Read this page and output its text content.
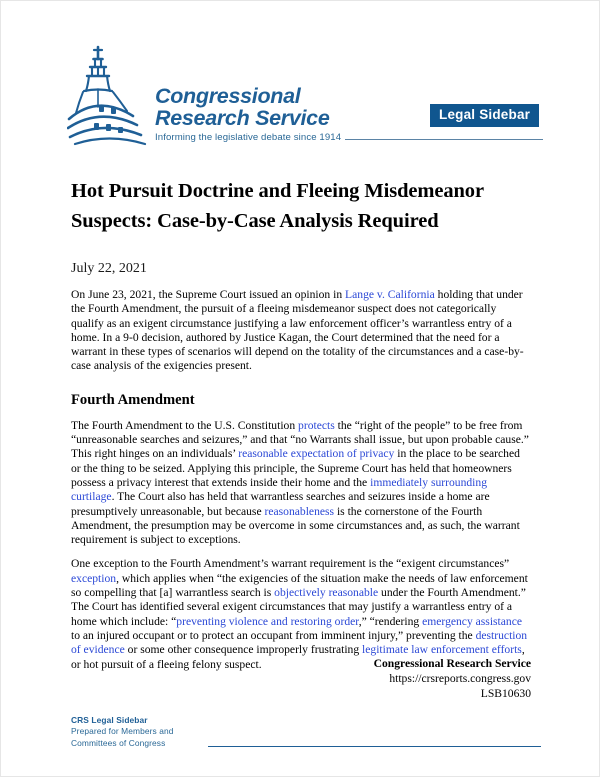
Congressional
Research Service
Informing the legislative debate since 1914
Legal Sidebar
Hot Pursuit Doctrine and Fleeing Misdemeanor Suspects: Case-by-Case Analysis Required
July 22, 2021

On June 23, 2021, the Supreme Court issued an opinion in Lange v. California holding that under the Fourth Amendment, the pursuit of a fleeing misdemeanor suspect does not categorically qualify as an exigent circumstance justifying a law enforcement officer’s warrantless entry of a home. In a 9-0 decision, authored by Justice Kagan, the Court determined that the need for a warrant in these types of scenarios will depend on the totality of the circumstances and a case-by-case analysis of the exigencies present.

Fourth Amendment

The Fourth Amendment to the U.S. Constitution protects the “right of the people” to be free from “unreasonable searches and seizures,” and that “no Warrants shall issue, but upon probable cause.” This right hinges on an individuals’ reasonable expectation of privacy in the place to be searched or the thing to be seized. Applying this principle, the Supreme Court has held that homeowners possess a privacy interest that extends inside their home and the immediately surrounding curtilage. The Court also has held that warrantless searches and seizures inside a home are presumptively unreasonable, but because reasonableness is the cornerstone of the Fourth Amendment, the presumption may be overcome in some circumstances and, as such, the warrant requirement is subject to exceptions.

One exception to the Fourth Amendment’s warrant requirement is the “exigent circumstances” exception, which applies when “the exigencies of the situation make the needs of law enforcement so compelling that [a] warrantless search is objectively reasonable under the Fourth Amendment.” The Court has identified several exigent circumstances that may justify a warrantless entry of a home which include: “preventing violence and restoring order,” “rendering emergency assistance to an injured occupant or to protect an occupant from imminent injury,” preventing the destruction of evidence or some other consequence improperly frustrating legitimate law enforcement efforts, or hot pursuit of a fleeing felony suspect.	Congressional Research Service
https://crsreports.congress.gov
LSB10630
CRS Legal Sidebar
Prepared for Members and
Committees of Congress
